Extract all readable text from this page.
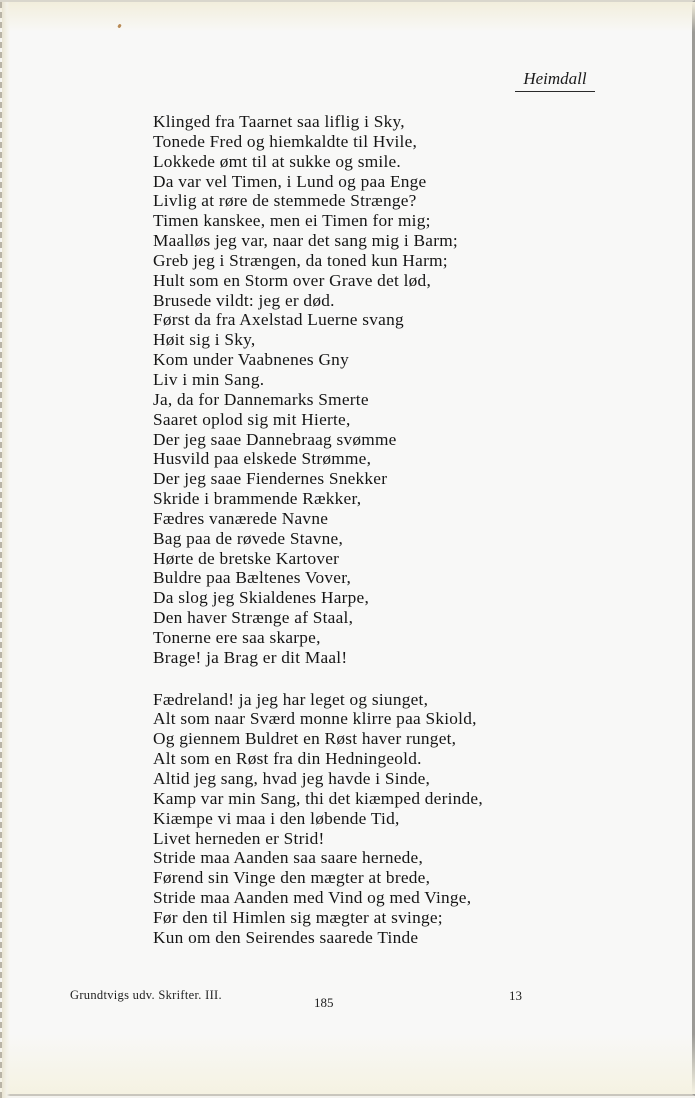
Heimdall
Klinged fra Taarnet saa liflig i Sky,
Tonede Fred og hiemkaldte til Hvile,
Lokkede ømt til at sukke og smile.
Da var vel Timen, i Lund og paa Enge
Livlig at røre de stemmede Strænge?
Timen kanskee, men ei Timen for mig;
Maalløs jeg var, naar det sang mig i Barm;
Greb jeg i Strængen, da toned kun Harm;
Hult som en Storm over Grave det lød,
Brusede vildt: jeg er død.
Først da fra Axelstad Luerne svang
Høit sig i Sky,
Kom under Vaabnenes Gny
Liv i min Sang.
Ja, da for Dannemarks Smerte
Saaret oplod sig mit Hierte,
Der jeg saae Dannebraag svømme
Husvild paa elskede Strømme,
Der jeg saae Fiendernes Snekker
Skride i brammende Rækker,
Fædres vanærede Navne
Bag paa de røvede Stavne,
Hørte de bretske Kartover
Buldre paa Bæltenes Vover,
Da slog jeg Skialdenes Harpe,
Den haver Strænge af Staal,
Tonerne ere saa skarpe,
Brage! ja Brag er dit Maal!
Fædreland! ja jeg har leget og siunget,
Alt som naar Sværd monne klirre paa Skiold,
Og giennem Buldret en Røst haver runget,
Alt som en Røst fra din Hedningeold.
Altid jeg sang, hvad jeg havde i Sinde,
Kamp var min Sang, thi det kiæmped derinde,
Kiæmpe vi maa i den løbende Tid,
Livet herneden er Strid!
Stride maa Aanden saa saare hernede,
Førend sin Vinge den mægter at brede,
Stride maa Aanden med Vind og med Vinge,
Før den til Himlen sig mægter at svinge;
Kun om den Seirendes saarede Tinde
Grundtvigs udv. Skrifter. III.	185	13
